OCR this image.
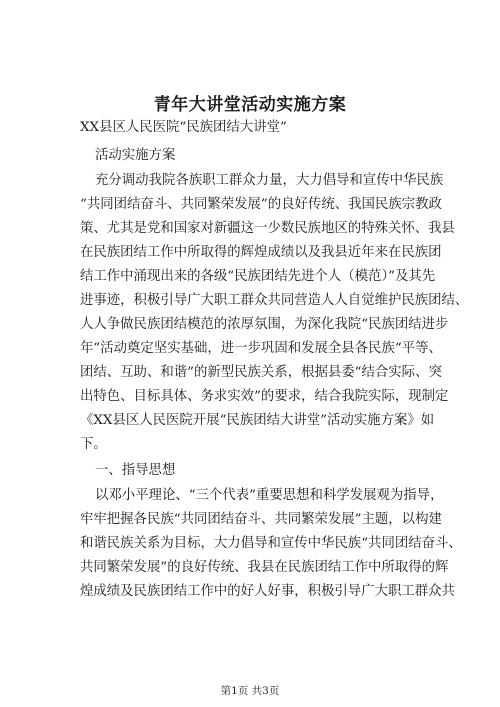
青年大讲堂活动实施方案
XX县区人民医院“民族团结大讲堂”
活动实施方案
充分调动我院各族职工群众力量，大力倡导和宣传中华民族
“共同团结奋斗、共同繁荣发展”的良好传统、我国民族宗教政
策、尤其是党和国家对新疆这一少数民族地区的特殊关怀、我县
在民族团结工作中所取得的辉煌成绩以及我县近年来在民族团
结工作中涌现出来的各级“民族团结先进个人（模范）”及其先
进事迹，积极引导广大职工群众共同营造人人自觉维护民族团结、
人人争做民族团结模范的浓厚氛围，为深化我院“民族团结进步
年”活动奠定坚实基础，进一步巩固和发展全县各民族“平等、
团结、互助、和谐”的新型民族关系，根据县委“结合实际、突
出特色、目标具体、务求实效”的要求，结合我院实际，现制定
《XX县区人民医院开展“民族团结大讲堂”活动实施方案》如
下。
一、指导思想
以邓小平理论、“三个代表”重要思想和科学发展观为指导，
牢牢把握各民族“共同团结奋斗、共同繁荣发展”主题，以构建
和谐民族关系为目标，大力倡导和宣传中华民族“共同团结奋斗、
共同繁荣发展”的良好传统、我县在民族团结工作中所取得的辉
煌成绩及民族团结工作中的好人好事，积极引导广大职工群众共
第1页 共3页
